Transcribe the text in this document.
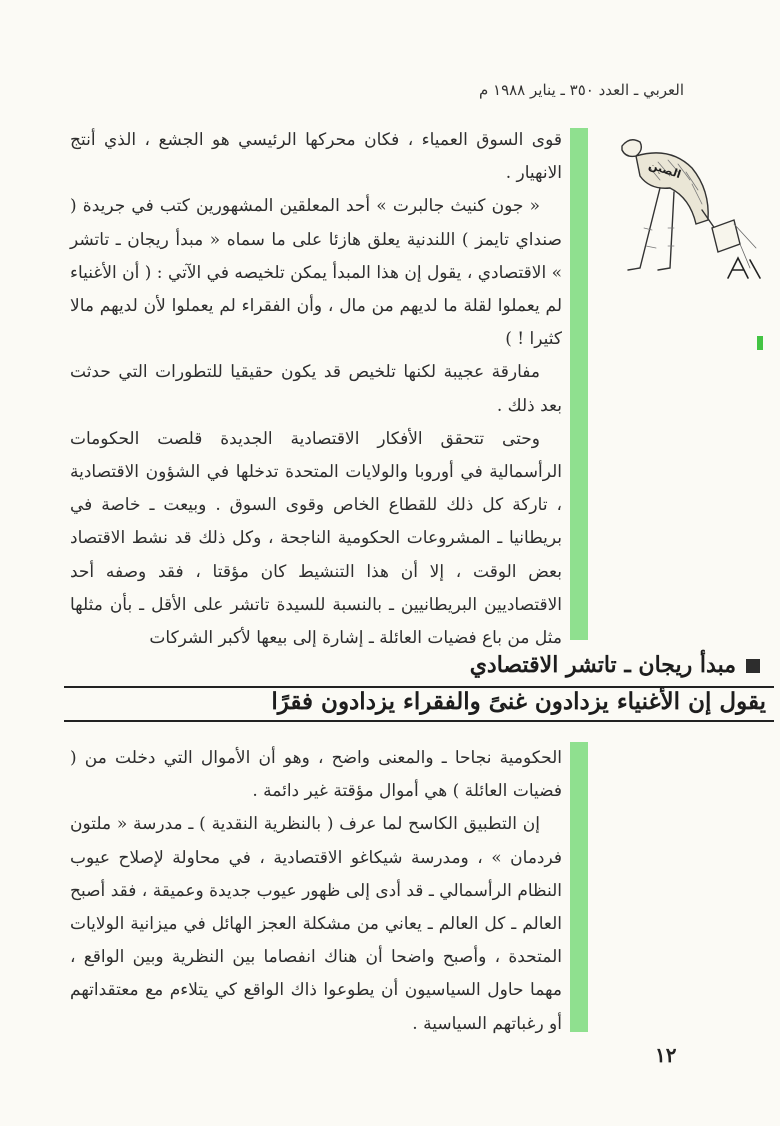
العربي ـ العدد ٣٥٠ ـ يناير ١٩٨٨ م
الصين

قوى السوق العمياء ، فكان محركها الرئيسي هو الجشع ، الذي أنتج الانهيار .

« جون كنيث جالبرت » أحد المعلقين المشهورين كتب في جريدة ( صنداي تايمز ) اللندنية يعلق هازئا على ما سماه « مبدأ ريجان ـ تاتشر » الاقتصادي ، يقول إن هذا المبدأ يمكن تلخيصه في الآتي : ( أن الأغنياء لم يعملوا لقلة ما لديهم من مال ، وأن الفقراء لم يعملوا لأن لديهم مالا كثيرا ! )

مفارقة عجيبة لكنها تلخيص قد يكون حقيقيا للتطورات التي حدثت بعد ذلك .

وحتى تتحقق الأفكار الاقتصادية الجديدة قلصت الحكومات الرأسمالية في أوروبا والولايات المتحدة تدخلها في الشؤون الاقتصادية ، تاركة كل ذلك للقطاع الخاص وقوى السوق . وبيعت ـ خاصة في بريطانيا ـ المشروعات الحكومية الناجحة ، وكل ذلك قد نشط الاقتصاد بعض الوقت ، إلا أن هذا التنشيط كان مؤقتا ، فقد وصفه أحد الاقتصاديين البريطانيين ـ بالنسبة للسيدة تاتشر على الأقل ـ بأن مثلها مثل من باع فضيات العائلة ـ إشارة إلى بيعها لأكبر الشركات

مبدأ ريجان ـ تاتشر الاقتصادي
يقول إن الأغنياء يزدادون غنىً والفقراء يزدادون فقرًا

الحكومية نجاحا ـ والمعنى واضح ، وهو أن الأموال التي دخلت من ( فضيات العائلة ) هي أموال مؤقتة غير دائمة .

إن التطبيق الكاسح لما عرف ( بالنظرية النقدية ) ـ مدرسة « ملتون فردمان » ، ومدرسة شيكاغو الاقتصادية ، في محاولة لإصلاح عيوب النظام الرأسمالي ـ قد أدى إلى ظهور عيوب جديدة وعميقة ، فقد أصبح العالم ـ كل العالم ـ يعاني من مشكلة العجز الهائل في ميزانية الولايات المتحدة ، وأصبح واضحا أن هناك انفصاما بين النظرية وبين الواقع ، مهما حاول السياسيون أن يطوعوا ذاك الواقع كي يتلاءم مع معتقداتهم أو رغباتهم السياسية .

١٢
